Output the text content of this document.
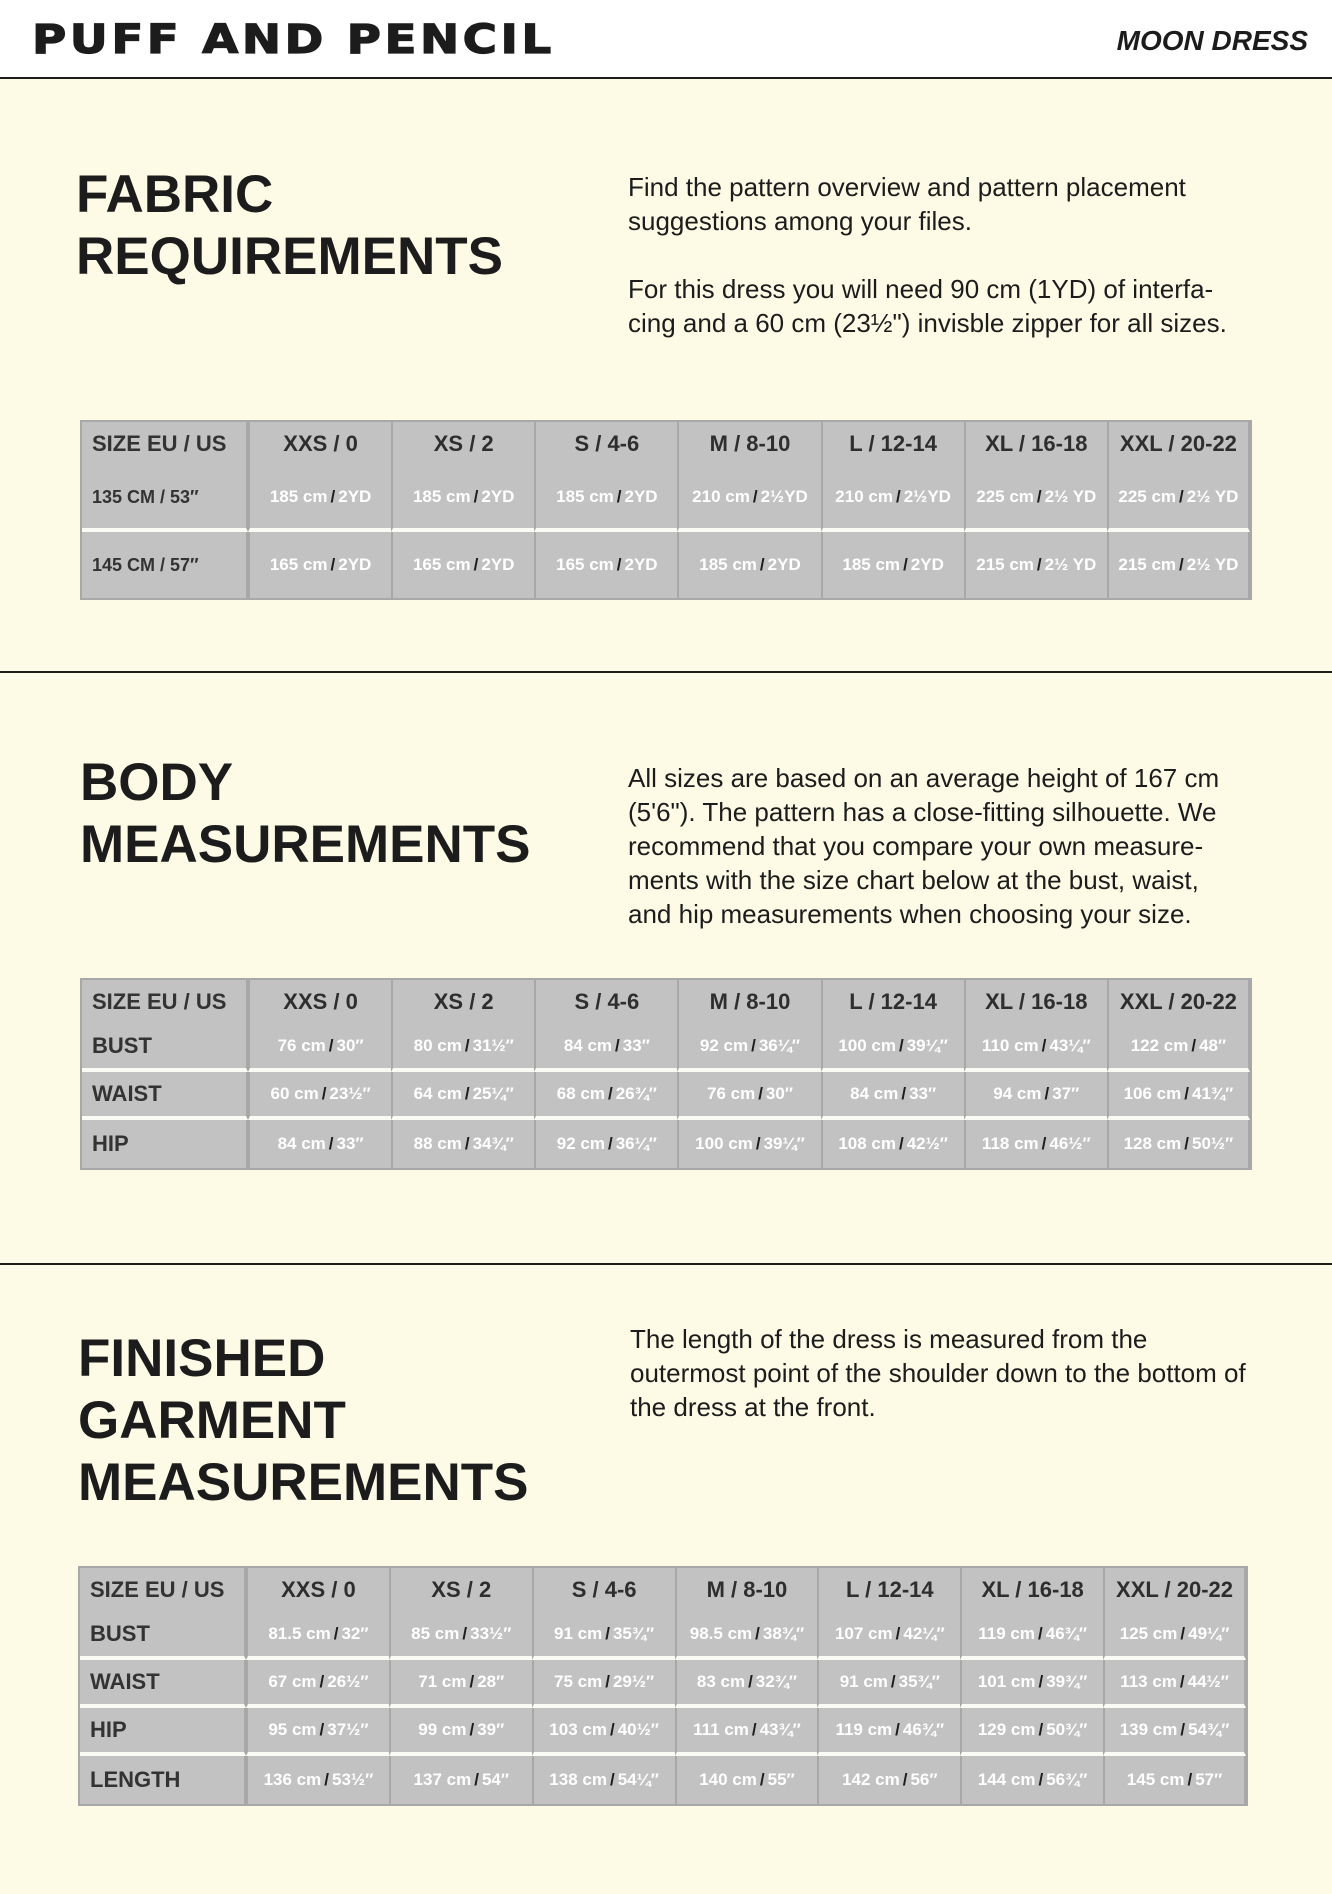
PUFF AND PENCIL	MOON DRESS
FABRIC
REQUIREMENTS

Find the pattern overview and pattern placement suggestions among your files.

For this dress you will need 90 cm (1YD) of interfa-cing and a 60 cm (23½") invisble zipper for all sizes.

SIZE EU / US	XXS / 0	XS / 2	S / 4-6	M / 8-10	L / 12-14	XL / 16-18	XXL / 20-22
135 CM / 53″	185 cm / 2YD	185 cm / 2YD	185 cm / 2YD	210 cm / 2½YD	210 cm / 2½YD	225 cm / 2½ YD	225 cm / 2½ YD
145 CM / 57″	165 cm / 2YD	165 cm / 2YD	165 cm / 2YD	185 cm / 2YD	185 cm / 2YD	215 cm / 2½ YD	215 cm / 2½ YD
BODY
MEASUREMENTS

All sizes are based on an average height of 167 cm (5'6"). The pattern has a close-fitting silhouette. We recommend that you compare your own measure-ments with the size chart below at the bust, waist, and hip measurements when choosing your size.

SIZE EU / US	XXS / 0	XS / 2	S / 4-6	M / 8-10	L / 12-14	XL / 16-18	XXL / 20-22
BUST	76 cm / 30″	80 cm / 31½″	84 cm / 33″	92 cm / 36¼″	100 cm / 39¼″	110 cm / 43¼″	122 cm / 48″
WAIST	60 cm / 23½″	64 cm / 25¼″	68 cm / 26¾″	76 cm / 30″	84 cm / 33″	94 cm / 37″	106 cm / 41¾″
HIP	84 cm / 33″	88 cm / 34¾″	92 cm / 36¼″	100 cm / 39¼″	108 cm / 42½″	118 cm / 46½″	128 cm / 50½″
FINISHED
GARMENT
MEASUREMENTS

The length of the dress is measured from the outermost point of the shoulder down to the bottom of the dress at the front.

SIZE EU / US	XXS / 0	XS / 2	S / 4-6	M / 8-10	L / 12-14	XL / 16-18	XXL / 20-22
BUST	81.5 cm / 32″	85 cm / 33½″	91 cm / 35¾″	98.5 cm / 38¾″	107 cm / 42¼″	119 cm / 46¾″	125 cm / 49¼″
WAIST	67 cm / 26½″	71 cm / 28″	75 cm / 29½″	83 cm / 32¾″	91 cm / 35¾″	101 cm / 39¾″	113 cm / 44½″
HIP	95 cm / 37½″	99 cm / 39″	103 cm / 40½″	111 cm / 43¾″	119 cm / 46¾″	129 cm / 50¾″	139 cm / 54¾″
LENGTH	136 cm / 53½″	137 cm / 54″	138 cm / 54¼″	140 cm / 55″	142 cm / 56″	144 cm / 56¾″	145 cm / 57″
